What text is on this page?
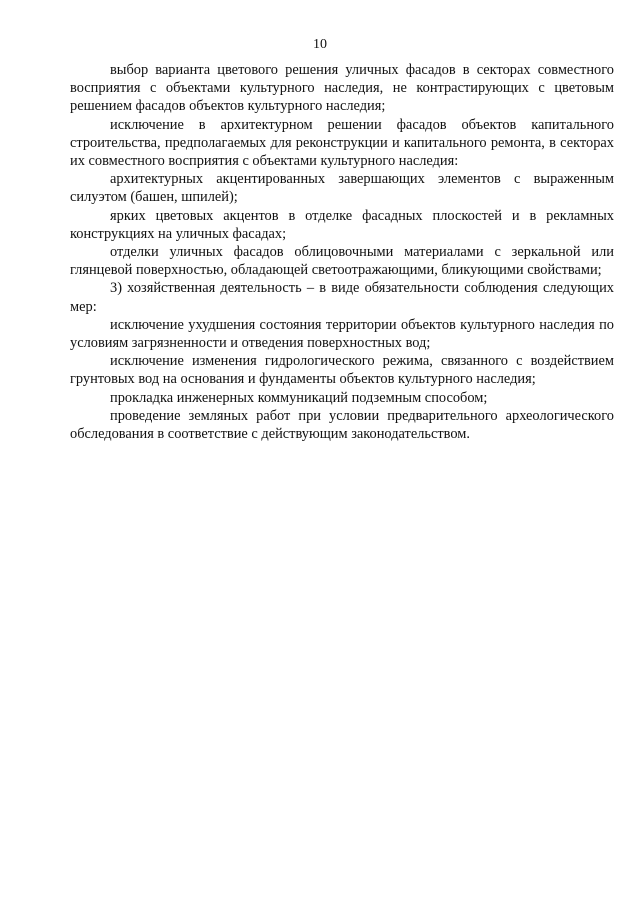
10

выбор варианта цветового решения уличных фасадов в секторах совместного восприятия с объектами культурного наследия, не контрастирующих с цветовым решением фасадов объектов культурного наследия;

исключение в архитектурном решении фасадов объектов капитального строительства, предполагаемых для реконструкции и капитального ремонта, в секторах их совместного восприятия с объектами культурного наследия:

архитектурных акцентированных завершающих элементов с выраженным силуэтом (башен, шпилей);

ярких цветовых акцентов в отделке фасадных плоскостей и в рекламных конструкциях на уличных фасадах;

отделки уличных фасадов облицовочными материалами с зеркальной или глянцевой поверхностью, обладающей светоотражающими, бликующими свойствами;

3) хозяйственная деятельность – в виде обязательности соблюдения следующих мер:

исключение ухудшения состояния территории объектов культурного наследия по условиям загрязненности и отведения поверхностных вод;

исключение изменения гидрологического режима, связанного с воздействием грунтовых вод на основания и фундаменты объектов культурного наследия;

прокладка инженерных коммуникаций подземным способом;

проведение земляных работ при условии предварительного археологического обследования в соответствие с действующим законодательством.
